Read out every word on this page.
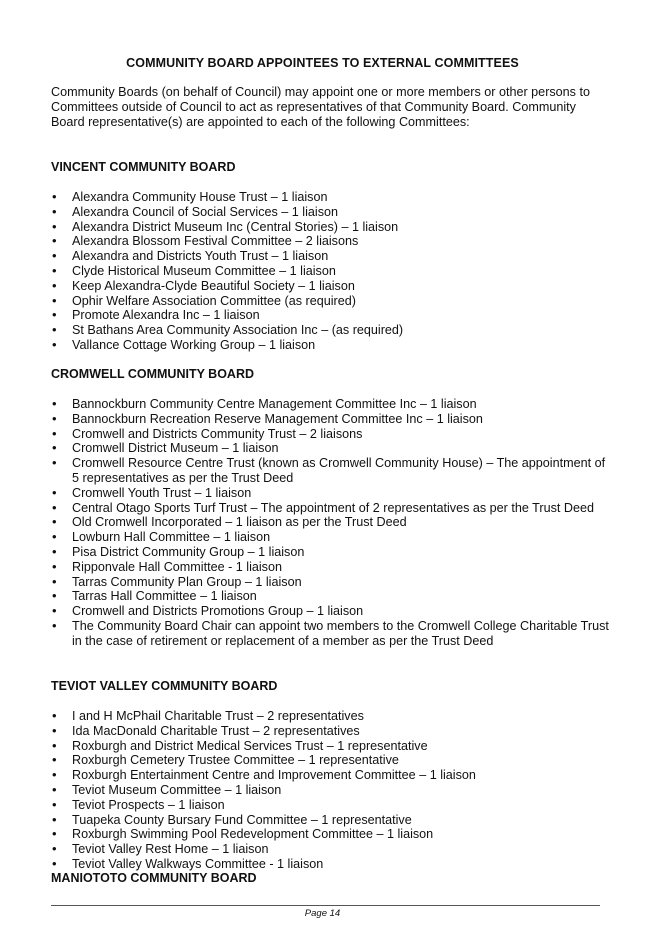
COMMUNITY BOARD APPOINTEES TO EXTERNAL COMMITTEES

Community Boards (on behalf of Council) may appoint one or more members or other persons to Committees outside of Council to act as representatives of that Community Board. Community Board representative(s) are appointed to each of the following Committees:

VINCENT COMMUNITY BOARD
• Alexandra Community House Trust – 1 liaison
• Alexandra Council of Social Services – 1 liaison
• Alexandra District Museum Inc (Central Stories) – 1 liaison
• Alexandra Blossom Festival Committee – 2 liaisons
• Alexandra and Districts Youth Trust – 1 liaison
• Clyde Historical Museum Committee – 1 liaison
• Keep Alexandra-Clyde Beautiful Society – 1 liaison
• Ophir Welfare Association Committee (as required)
• Promote Alexandra Inc – 1 liaison
• St Bathans Area Community Association Inc – (as required)
• Vallance Cottage Working Group – 1 liaison
CROMWELL COMMUNITY BOARD
• Bannockburn Community Centre Management Committee Inc – 1 liaison
• Bannockburn Recreation Reserve Management Committee Inc – 1 liaison
• Cromwell and Districts Community Trust – 2 liaisons
• Cromwell District Museum – 1 liaison
• Cromwell Resource Centre Trust (known as Cromwell Community House) – The appointment of 5 representatives as per the Trust Deed
• Cromwell Youth Trust – 1 liaison
• Central Otago Sports Turf Trust – The appointment of 2 representatives as per the Trust Deed
• Old Cromwell Incorporated – 1 liaison as per the Trust Deed
• Lowburn Hall Committee – 1 liaison
• Pisa District Community Group – 1 liaison
• Ripponvale Hall Committee - 1 liaison
• Tarras Community Plan Group – 1 liaison
• Tarras Hall Committee – 1 liaison
• Cromwell and Districts Promotions Group – 1 liaison
• The Community Board Chair can appoint two members to the Cromwell College Charitable Trust in the case of retirement or replacement of a member as per the Trust Deed
TEVIOT VALLEY COMMUNITY BOARD
• I and H McPhail Charitable Trust – 2 representatives
• Ida MacDonald Charitable Trust – 2 representatives
• Roxburgh and District Medical Services Trust – 1 representative
• Roxburgh Cemetery Trustee Committee – 1 representative
• Roxburgh Entertainment Centre and Improvement Committee – 1 liaison
• Teviot Museum Committee – 1 liaison
• Teviot Prospects – 1 liaison
• Tuapeka County Bursary Fund Committee – 1 representative
• Roxburgh Swimming Pool Redevelopment Committee – 1 liaison
• Teviot Valley Rest Home – 1 liaison
• Teviot Valley Walkways Committee - 1 liaison
MANIOTOTO COMMUNITY BOARD
Page 14
